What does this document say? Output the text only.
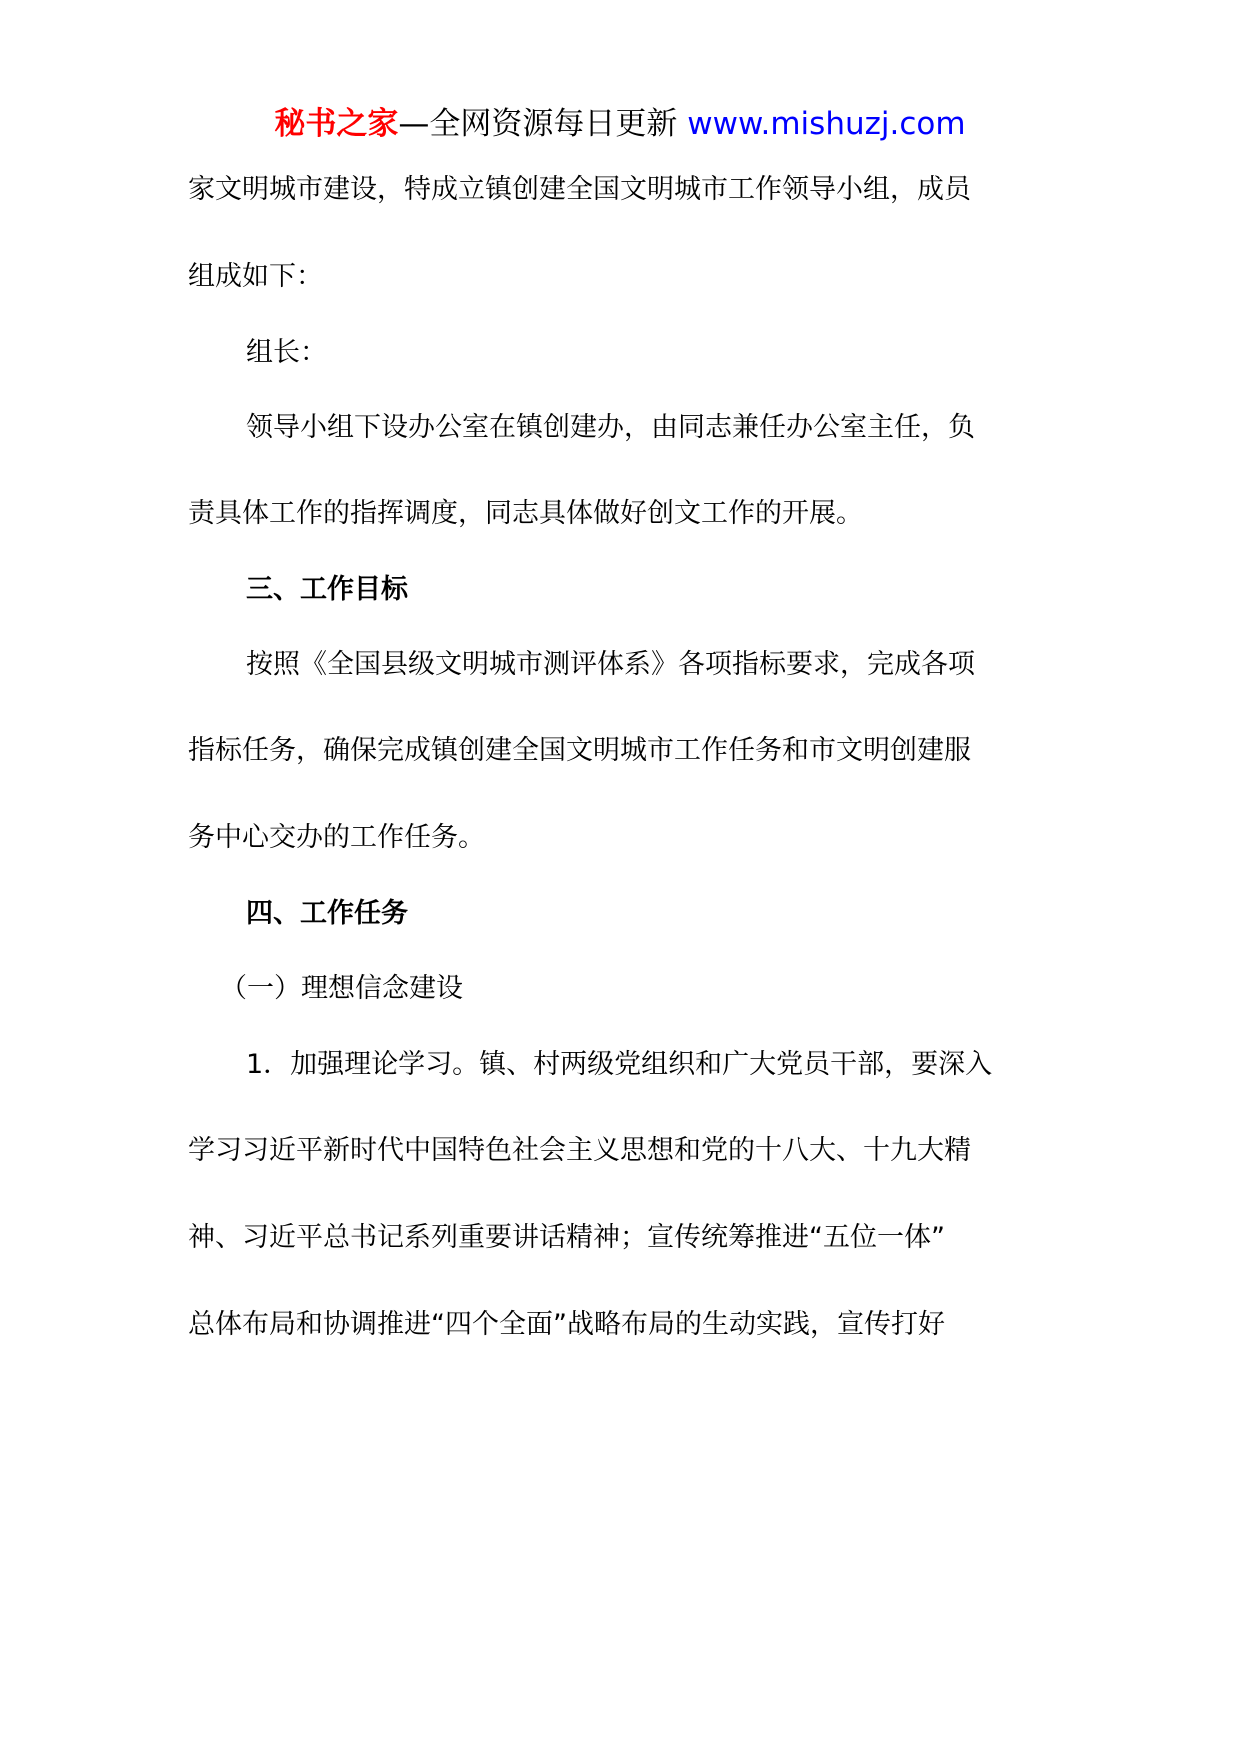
秘书之家—全网资源每日更新 www.mishuzj.com
家文明城市建设，特成立镇创建全国文明城市工作领导小组，成员
组成如下：
组长：
领导小组下设办公室在镇创建办，由同志兼任办公室主任，负
责具体工作的指挥调度，同志具体做好创文工作的开展。
三、工作目标
按照《全国县级文明城市测评体系》各项指标要求，完成各项
指标任务，确保完成镇创建全国文明城市工作任务和市文明创建服
务中心交办的工作任务。
四、工作任务
（一）理想信念建设
1．加强理论学习。镇、村两级党组织和广大党员干部，要深入
学习习近平新时代中国特色社会主义思想和党的十八大、十九大精
神、习近平总书记系列重要讲话精神；宣传统筹推进“五位一体”
总体布局和协调推进“四个全面”战略布局的生动实践，宣传打好
